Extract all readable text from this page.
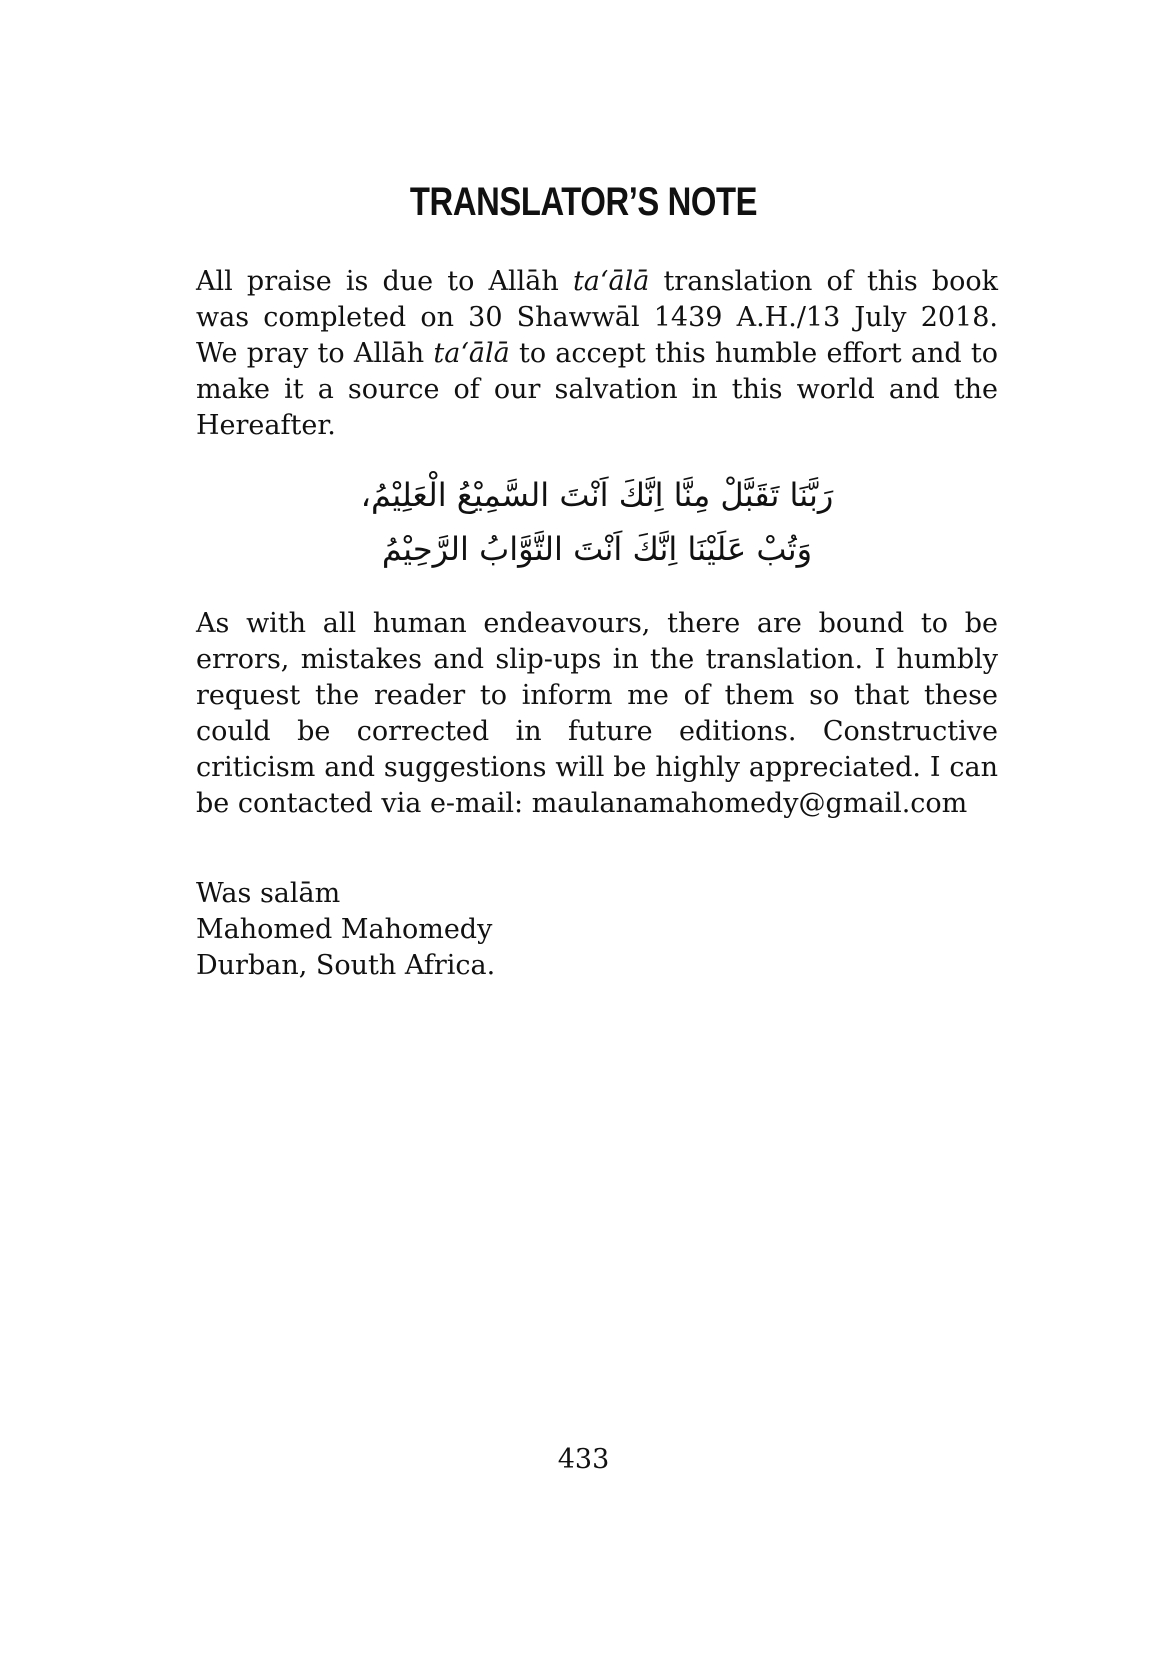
TRANSLATOR’S NOTE

All praise is due to Allāh ta‘ālā translation of this book was completed on 30 Shawwāl 1439 A.H./13 July 2018. We pray to Allāh ta‘ālā to accept this humble effort and to make it a source of our salvation in this world and the Hereafter.

رَبَّنَا تَقَبَّلْ مِنَّا اِنَّكَ اَنْتَ السَّمِيْعُ الْعَلِيْمُ،
وَتُبْ عَلَيْنَا اِنَّكَ اَنْتَ التَّوَّابُ الرَّحِيْمُ

As with all human endeavours, there are bound to be errors, mistakes and slip-ups in the translation. I humbly request the reader to inform me of them so that these could be corrected in future editions. Constructive criticism and suggestions will be highly appreciated. I can be contacted via e-mail: maulanamahomedy@gmail.com

Was salām
Mahomed Mahomedy
Durban, South Africa.

433
